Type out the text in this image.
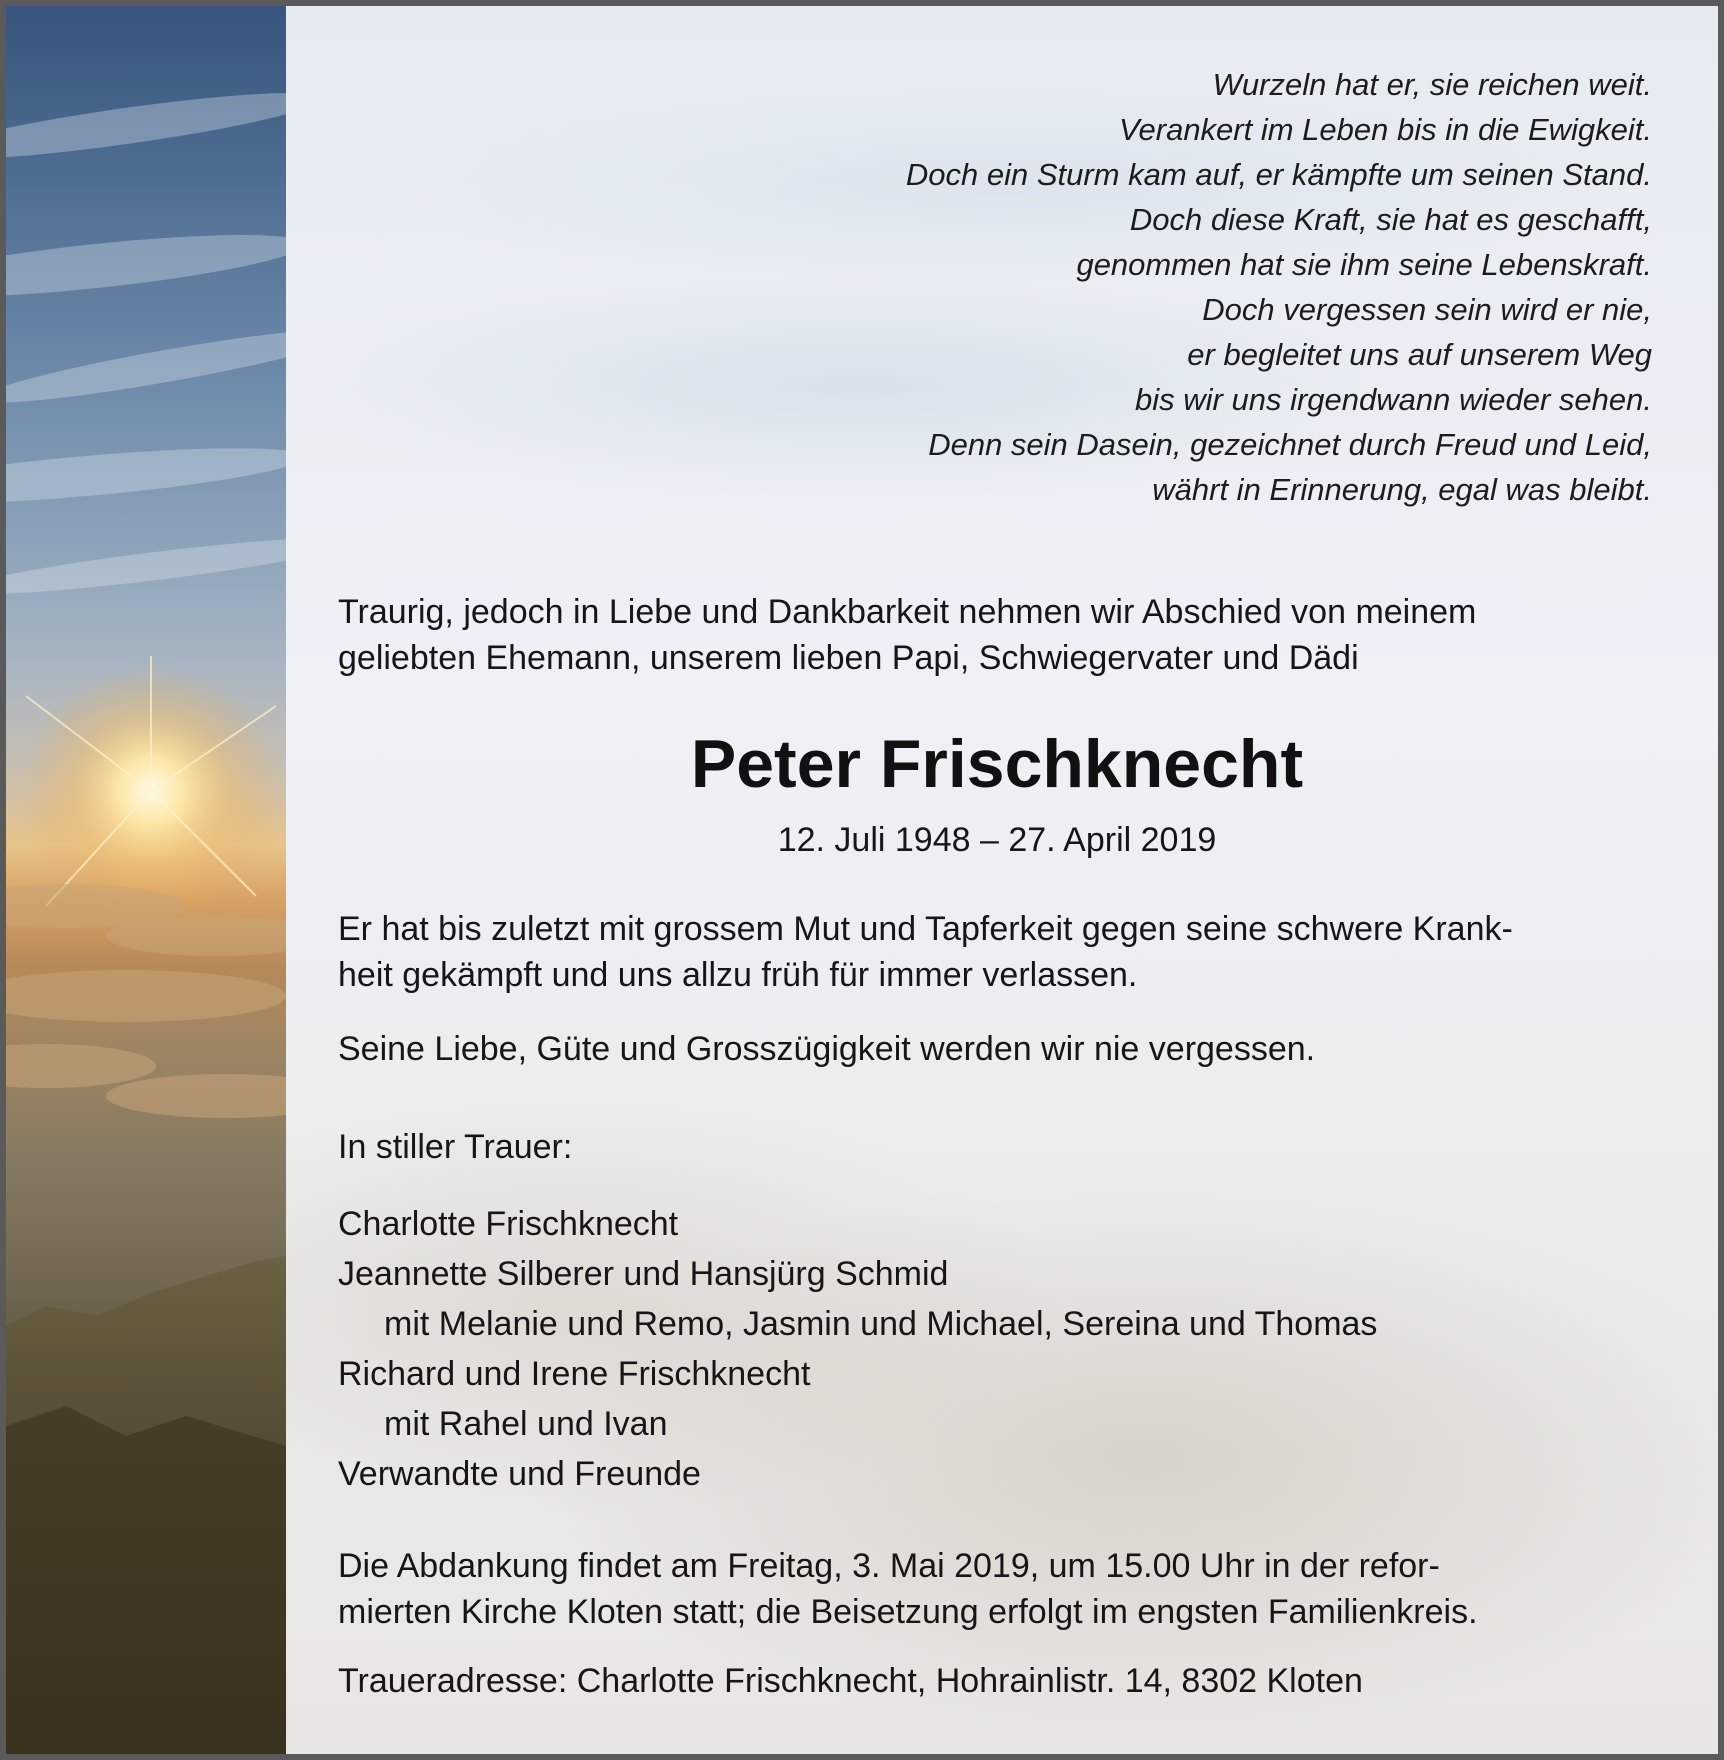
Wurzeln hat er, sie reichen weit.
Verankert im Leben bis in die Ewigkeit.
Doch ein Sturm kam auf, er kämpfte um seinen Stand.
Doch diese Kraft, sie hat es geschafft,
genommen hat sie ihm seine Lebenskraft.
Doch vergessen sein wird er nie,
er begleitet uns auf unserem Weg
bis wir uns irgendwann wieder sehen.
Denn sein Dasein, gezeichnet durch Freud und Leid,
währt in Erinnerung, egal was bleibt.
Traurig, jedoch in Liebe und Dankbarkeit nehmen wir Abschied von meinem
geliebten Ehemann, unserem lieben Papi, Schwiegervater und Dädi
Peter Frischknecht
12. Juli 1948 – 27. April 2019
Er hat bis zuletzt mit grossem Mut und Tapferkeit gegen seine schwere Krank-
heit gekämpft und uns allzu früh für immer verlassen.
Seine Liebe, Güte und Grosszügigkeit werden wir nie vergessen.
In stiller Trauer:
Charlotte Frischknecht
Jeannette Silberer und Hansjürg Schmid
mit Melanie und Remo, Jasmin und Michael, Sereina und Thomas
Richard und Irene Frischknecht
mit Rahel und Ivan
Verwandte und Freunde
Die Abdankung findet am Freitag, 3. Mai 2019, um 15.00 Uhr in der refor-
mierten Kirche Kloten statt; die Beisetzung erfolgt im engsten Familienkreis.
Traueradresse: Charlotte Frischknecht, Hohrainlistr. 14, 8302 Kloten
